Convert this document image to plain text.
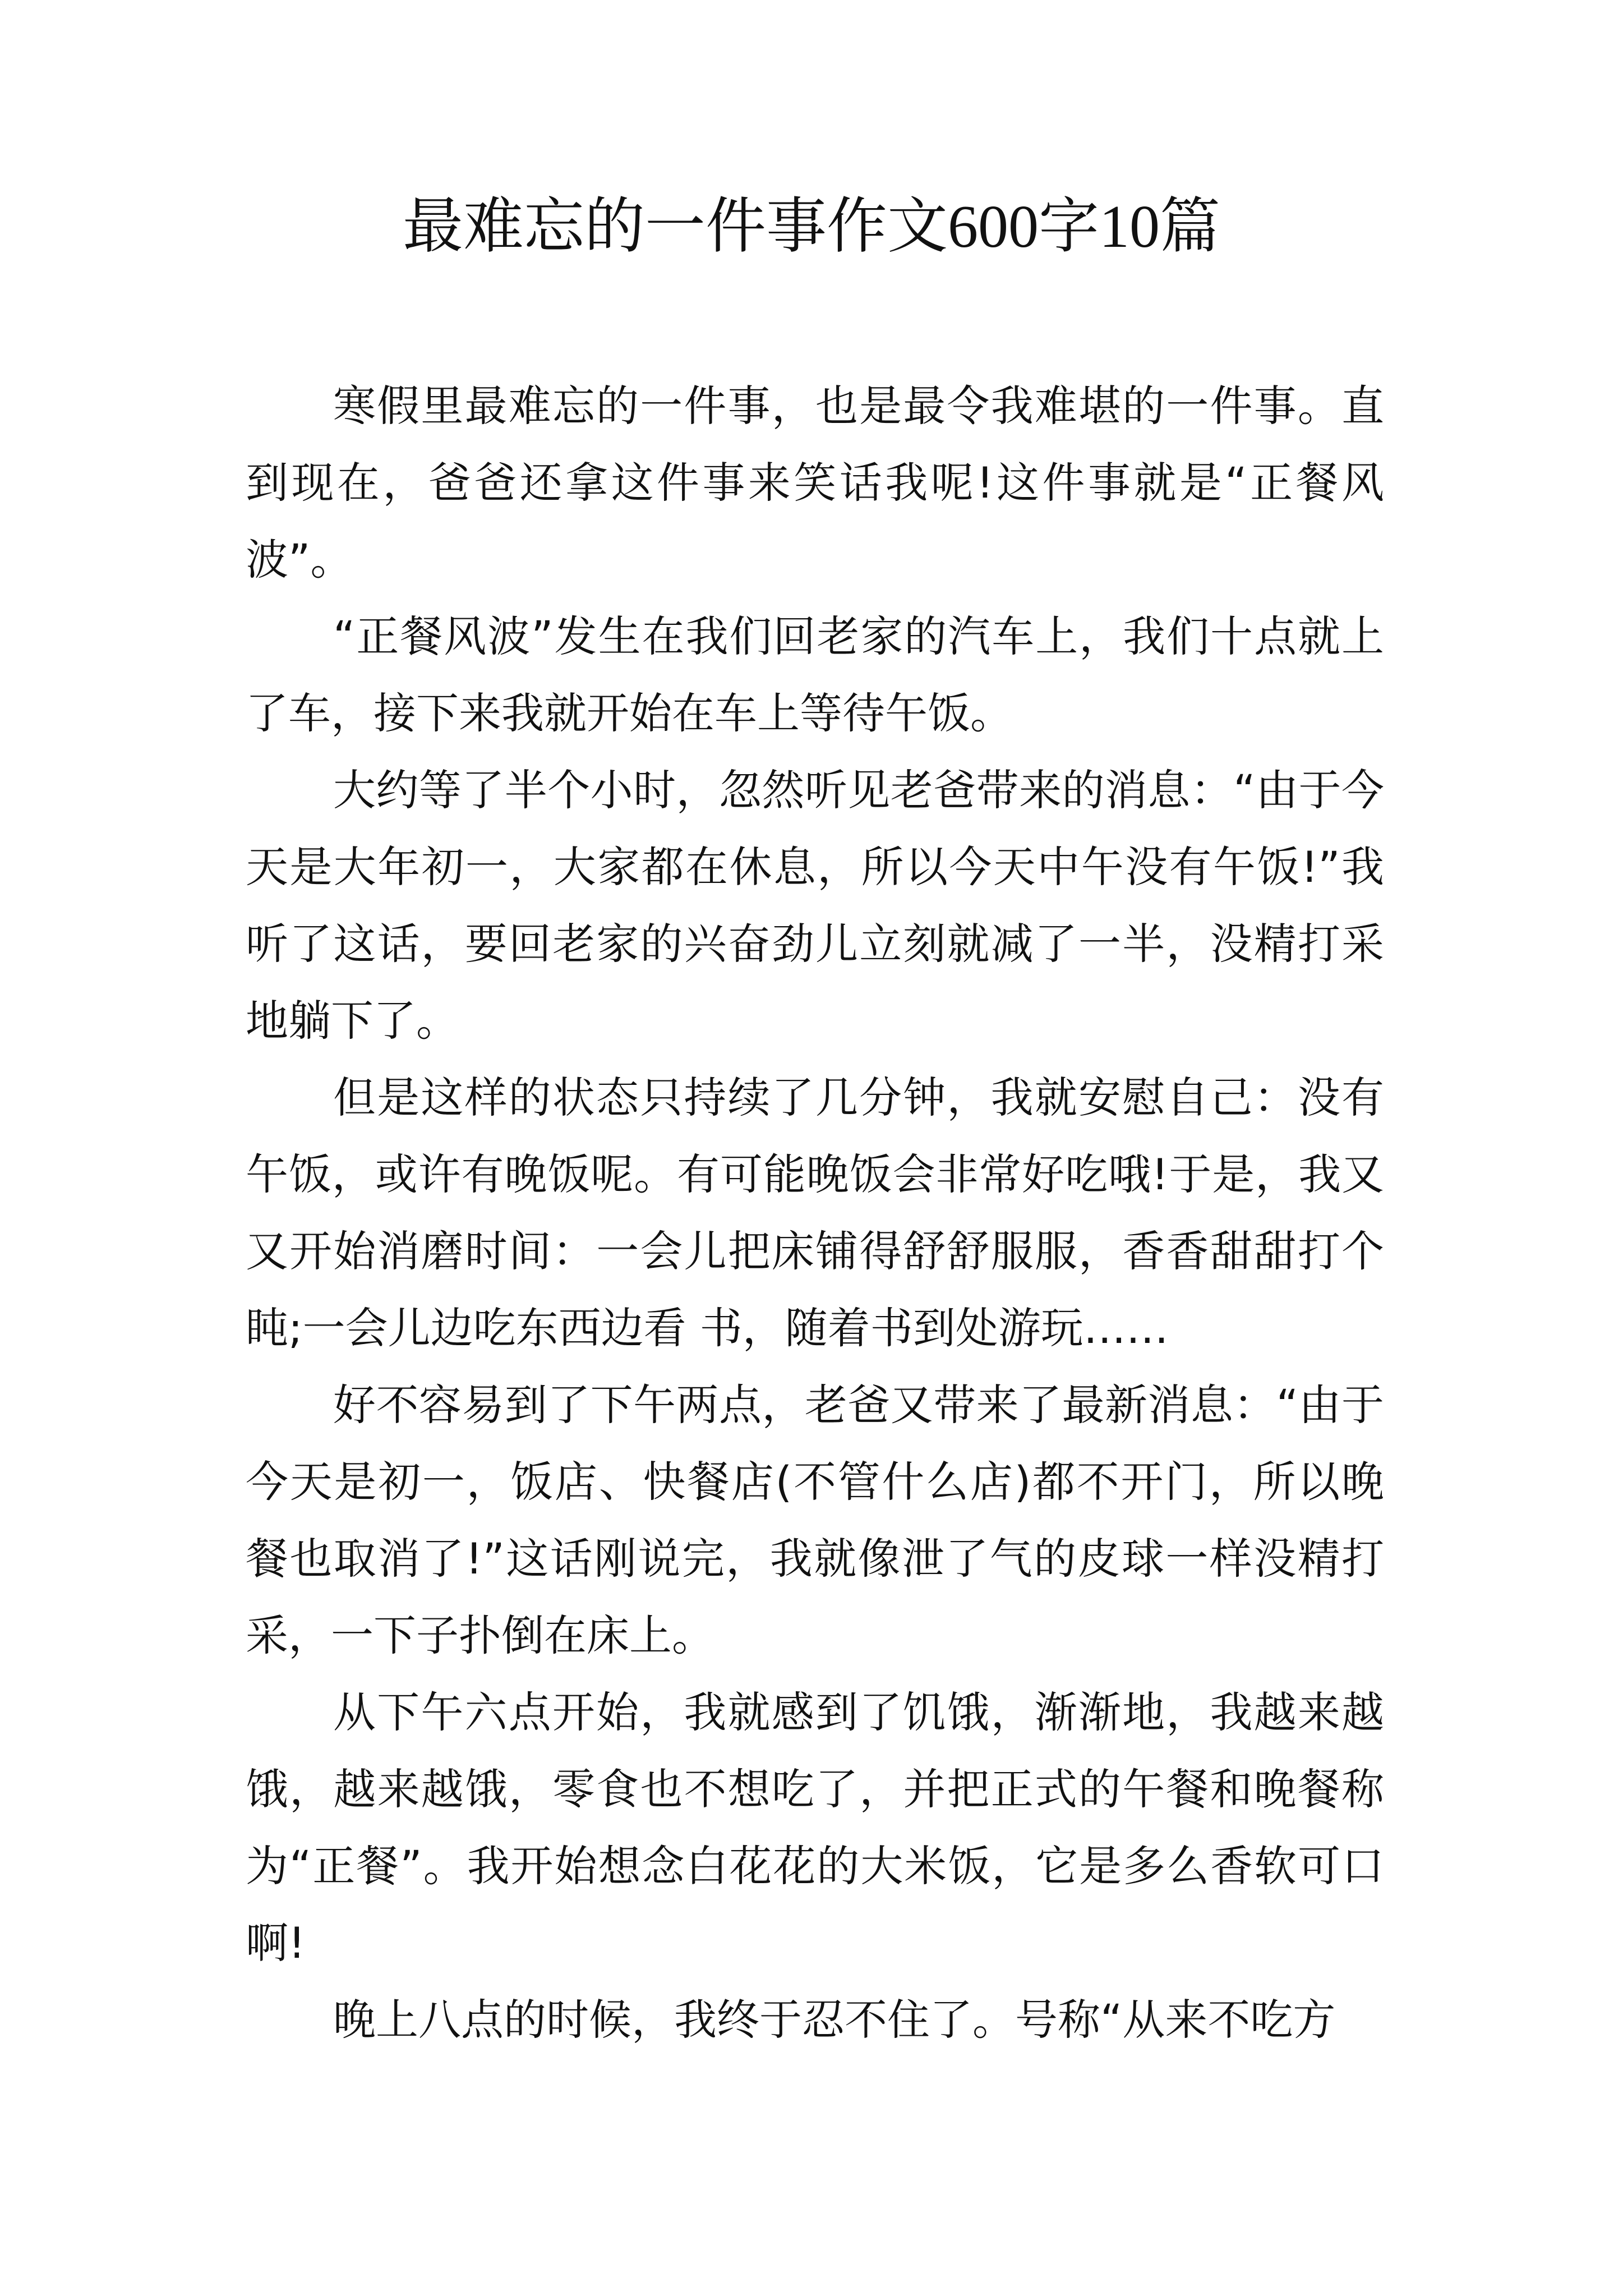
最难忘的一件事作文600字10篇

寒假里最难忘的一件事，也是最令我难堪的一件事。直到现在，爸爸还拿这件事来笑话我呢!这件事就是“正餐风波”。

“正餐风波”发生在我们回老家的汽车上，我们十点就上了车，接下来我就开始在车上等待午饭。

大约等了半个小时，忽然听见老爸带来的消息：“由于今天是大年初一，大家都在休息，所以今天中午没有午饭!”我听了这话，要回老家的兴奋劲儿立刻就减了一半，没精打采地躺下了。

但是这样的状态只持续了几分钟，我就安慰自己：没有午饭，或许有晚饭呢。有可能晚饭会非常好吃哦!于是，我又又开始消磨时间：一会儿把床铺得舒舒服服，香香甜甜打个盹;一会儿边吃东西边看 书，随着书到处游玩……

好不容易到了下午两点，老爸又带来了最新消息：“由于今天是初一，饭店、快餐店(不管什么店)都不开门，所以晚餐也取消了!”这话刚说完，我就像泄了气的皮球一样没精打采，一下子扑倒在床上。

从下午六点开始，我就感到了饥饿，渐渐地，我越来越饿，越来越饿，零食也不想吃了，并把正式的午餐和晚餐称为“正餐”。我开始想念白花花的大米饭，它是多么香软可口啊!

晚上八点的时候，我终于忍不住了。号称“从来不吃方
